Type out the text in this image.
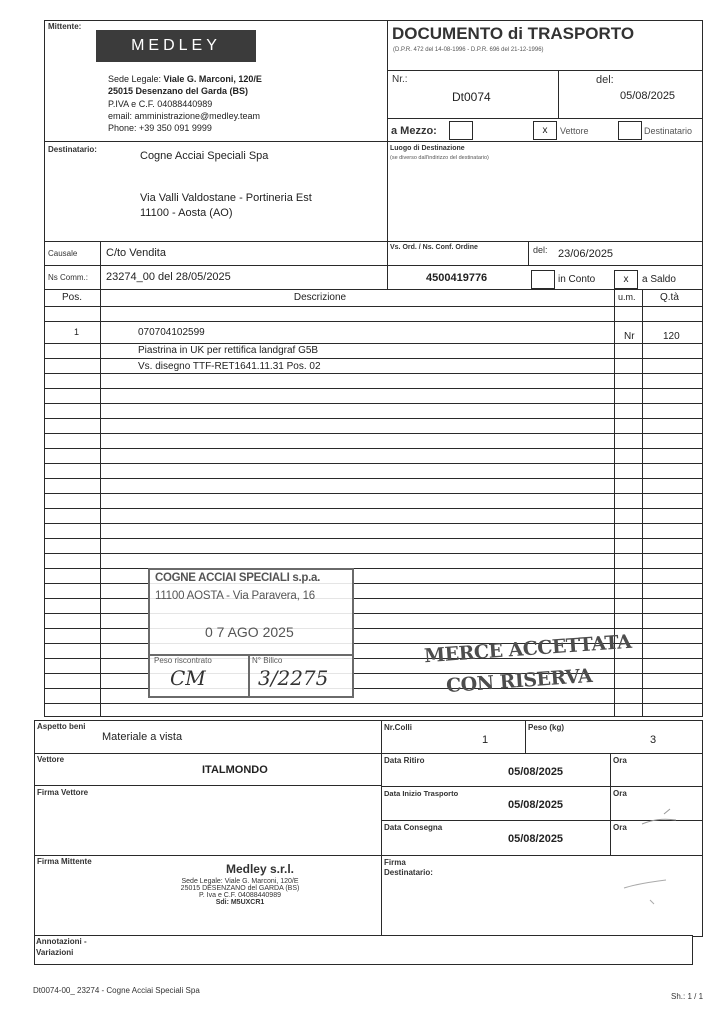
Mittente:
MEDLEY
Sede Legale: Viale G. Marconi, 120/E
25015 Desenzano del Garda (BS)
P.IVA e C.F. 04088440989
email: amministrazione@medley.team
Phone: +39 350 091 9999
DOCUMENTO di TRASPORTO
(D.P.R. 472 del 14-08-1996 - D.P.R. 696 del 21-12-1996)
Nr.:
Dt0074
del:
05/08/2025
a Mezzo:	x	Vettore	Destinatario
Destinatario:
Cogne Acciai Speciali Spa
Via Valli Valdostane - Portineria Est
11100 - Aosta (AO)
Luogo di Destinazione
(se diverso dall'indirizzo del destinatario)
Causale	C/to Vendita
Ns Comm.: 23274_00 del 28/05/2025
Vs. Ord. / Ns. Conf. Ordine
4500419776
del: 23/06/2025
in Conto	x	a Saldo
Pos.	Descrizione	u.m. Q.tà
1	070704102599	Nr	120
Piastrina in UK per rettifica landgraf G5B
Vs. disegno TTF-RET1641.11.31 Pos. 02
COGNE ACCIAI SPECIALI s.p.a.
11100 AOSTA - Via Paravera, 16
0 7 AGO 2025
Peso riscontrato	N° Bilico
CM	3/2275
MERCE ACCETTATA
CON RISERVA
Aspetto beni
Materiale a vista
Nr.Colli
1
Peso (kg)
3
Vettore
ITALMONDO
Firma Vettore
Data Ritiro
05/08/2025
Ora
Data Inizio Trasporto
05/08/2025
Ora
Data Consegna
05/08/2025
Ora
Firma Mittente
Medley s.r.l.
Sede Legale: Viale G. Marconi, 120/E
25015 DESENZANO del GARDA (BS)
P. Iva e C.F. 04088440989
Sdi: M5UXCR1
Firma
Destinatario:
Annotazioni -
Variazioni
Dt0074-00_ 23274 - Cogne Acciai Speciali Spa
Sh.: 1 / 1
